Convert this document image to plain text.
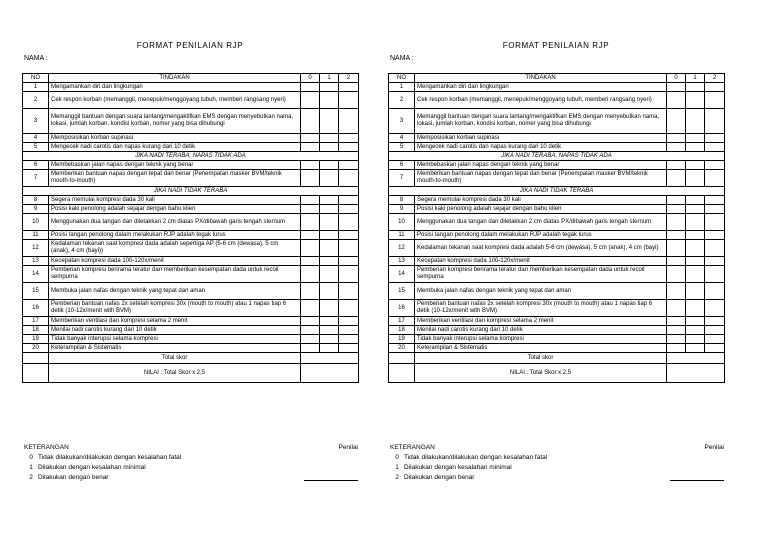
FORMAT PENILAIAN RJP
NAMA :
NO	TINDAKAN	0	1	2
1	Mengamankan diri dan lingkungan			
2	Cek respon korban (memanggil, menepuk/menggoyang tubuh, memberi rangsang nyeri)			
3	Memanggil bantuan dengan suara lantang/mengaktifkan EMS dengan menyebutkan nama, lokasi, jumlah korban, kondisi korban, nomer yang bisa dihubungi			
4	Memposisikan korban supinasi			
5	Mengecek nadi carotis dan napas kurang dari 10 detik			
JIKA NADI TERABA, NAPAS TIDAK ADA				
6	Membebaskan jalan napas dengan teknik yang benar			
7	Memberikan bantuan napas dengan tepat dan benar (Penempatan masker BVM/teknik mouth-to-mouth)			
JIKA NADI TIDAK TERABA				
8	Segera memulai kompresi dada 30 kali			
9	Posisi kaki penolong adalah sejajar dengan bahu klien			
10	Menggunakan dua tangan dan diletakkan 2 cm diatas PX/dibawah garis tengah sternum			
11	Posisi tangan penolong dalam melakukan RJP adalah tegak lurus			
12	Kedalaman tekanan saat kompresi dada adalah sepertiga AP (5-6 cm (dewasa), 5 cm (anak), 4 cm (bayi))			
13	Kecepatan kompresi dada 100-120x/menit			
14	Pemberian kompresi berirama teratur dan memberikan kesempatan dada untuk recoil sempurna			
15	Membuka jalan nafas dengan teknik yang tepat dan aman			
16	Pemberian bantuan nafas 2x setelah kompresi 30x (mouth to mouth) atau 1 napas tiap 6 detik (10-12x/menit with BVM)			
17	Memberikan ventilasi dan kompresi selama 2 menit			
18	Menilai nadi carotis kurang dari 10 detik			
19	Tidak banyak interupsi selama kompresi			
20	Keterampilan & Sistematis			
	Total skor			
	NILAI : Total Skor x 2,5			
KETERANGAN	Penilai
0 Tidak dilakukan/dilakukan dengan kesalahan fatal
1 Dilakukan dengan kesalahan minimal
2 Dilakukan dengan benar
FORMAT PENILAIAN RJP
NAMA :
NO	TINDAKAN	0	1	2
1	Mengamankan diri dan lingkungan			
2	Cek respon korban (memanggil, menepuk/menggoyang tubuh, memberi rangsang nyeri)			
3	Memanggil bantuan dengan suara lantang/mengaktifkan EMS dengan menyebutkan nama, lokasi, jumlah korban, kondisi korban, nomer yang bisa dihubungi			
4	Memposisikan korban supinasi			
5	Mengecek nadi carotis dan napas kurang dari 10 detik			
JIKA NADI TERABA, NAPAS TIDAK ADA				
6	Membebaskan jalan napas dengan teknik yang benar			
7	Memberikan bantuan napas dengan tepat dan benar (Penempatan masker BVM/teknik mouth-to-mouth)			
JIKA NADI TIDAK TERABA				
8	Segera memulai kompresi dada 30 kali			
9	Posisi kaki penolong adalah sejajar dengan bahu klien			
10	Menggunakan dua tangan dan diletakkan 2 cm diatas PX/dibawah garis tengah sternum			
11	Posisi tangan penolong dalam melakukan RJP adalah tegak lurus			
12	Kedalaman tekanan saat kompresi dada adalah 5-6 cm (dewasa), 5 cm (anak), 4 cm (bayi)			
13	Kecepatan kompresi dada 100-120x/menit			
14	Pemberian kompresi berirama teratur dan memberikan kesempatan dada untuk recoil sempurna			
15	Membuka jalan nafas dengan teknik yang tepat dan aman			
16	Pemberian bantuan nafas 2x setelah kompresi 30x (mouth to mouth) atau 1 napas tiap 6 detik (10-12x/menit with BVM)			
17	Memberikan ventilasi dan kompresi selama 2 menit			
18	Menilai nadi carotis kurang dari 10 detik			
19	Tidak banyak interupsi selama kompresi			
20	Keterampilan & Sistematis			
	Total skor			
	NILAI : Total Skor x 2,5			
KETERANGAN	Penilai
0 Tidak dilakukan/dilakukan dengan kesalahan fatal
1 Dilakukan dengan kesalahan minimal
2 Dilakukan dengan benar
